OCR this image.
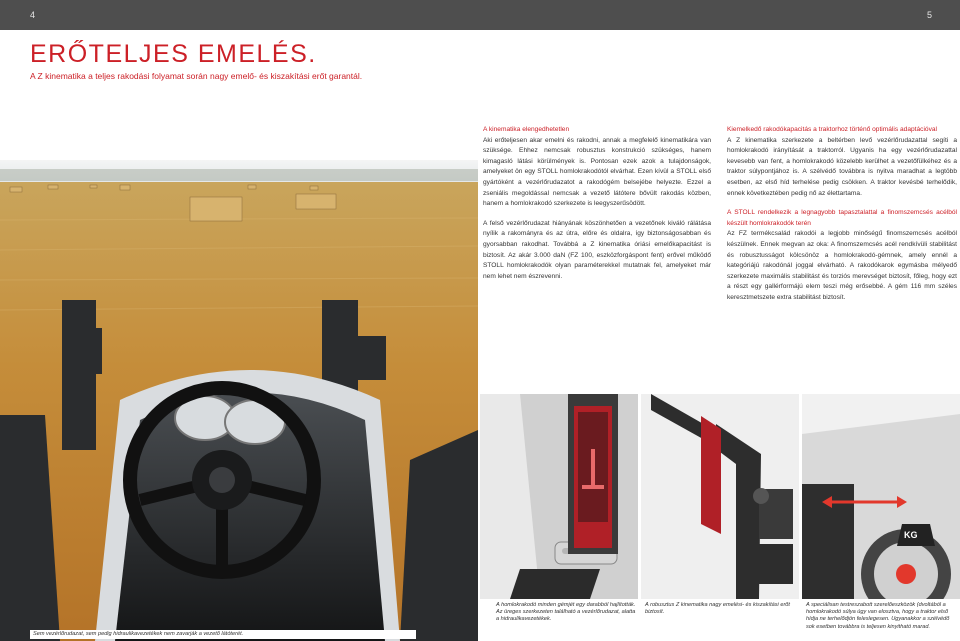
4	5
ERŐTELJES EMELÉS.
A Z kinematika a teljes rakodási folyamat során nagy emelő- és kiszakítási erőt garantál.
A kinematika elengedhetetlen

Aki erőteljesen akar emelni és rakodni, annak a megfelelő kinematikára van szüksége. Ehhez nemcsak robusztus konstrukció szükséges, hanem kimagasló látási körülmények is. Pontosan ezek azok a tulajdonságok, amelyeket ön egy STOLL homlokrakodótól elvárhat. Ezen kívül a STOLL első gyártóként a vezérlőrudazatot a rakodógém belsejébe helyezte. Ezzel a zseniális megoldással nemcsak a vezető látótere bővült rakodás közben, hanem a homlokrakodó szerkezete is leegyszerűsödött.

A felső vezérlőrudazat hiányának köszönhetően a vezetőnek kiváló rálátása nyílik a rakományra és az útra, előre és oldalra, így biztonságosabban és gyorsabban rakodhat. Továbbá a Z kinematika óriási emelőkapacitást is biztosít. Az akár 3.000 daN (FZ 100, eszközforgáspont fent) erővel működő STOLL homlokrakodók olyan paraméterekkel mutatnak fel, amelyeket már nem lehet nem észrevenni.

Kiemelkedő rakodókapacitás a traktorhoz történő optimális adaptációval

A Z kinematika szerkezete a beltérben levő vezérlőrudazattal segíti a homlokrakodó irányítását a traktorról. Ugyanis ha egy vezérlőrudazattal kevesebb van fent, a homlokrakodó közelebb kerülhet a vezetőfülkéhez és a traktor súlypontjához is. A szélvédő továbbra is nyitva maradhat a legtöbb esetben, az első híd terhelése pedig csökken. A traktor kevésbé terhelődik, ennek következtében pedig nő az élettartama.

A STOLL rendelkezik a legnagyobb tapasztalattal a finomszemcsés acélból készült homlokrakodók terén

Az FZ termékcsalád rakodói a legjobb minőségű finomszemcsés acélból készülnek. Ennek megvan az oka: A finomszemcsés acél rendkívüli stabilitást és robusztusságot kölcsönöz a homlokrakodó-gémnek, amely ennél a kategóriájú rakodónál joggal elvárható. A rakodókarok egymásba mélyedő szerkezete maximális stabilitást és torziós merevséget biztosít, főleg, hogy ezt a részt egy gallérformájú elem teszi még erősebbé. A gém 116 mm széles keresztmetszete extra stabilitást biztosít.

KG
Sem vezérlőrudazat, sem pedig hidraulikavezetékek nem zavarják a vezető látóterét.
A homlokrakodó minden gémjét egy darabból hajlították. Az üreges szerkezeten található a vezérlőrudazat, alatta a hidraulikavezetékek.
A robusztus Z kinematika nagy emelési- és kiszakítási erőt biztosít.
A speciálisan testreszabott szerelőeszközök (dvoltából a homlokrakodó súlya úgy van elosztva, hogy a traktor első hídja ne terhelődjön feleslegesen. Ugyanakkor a szélvédő sok esetben továbbra is teljesen kinyitható marad.
